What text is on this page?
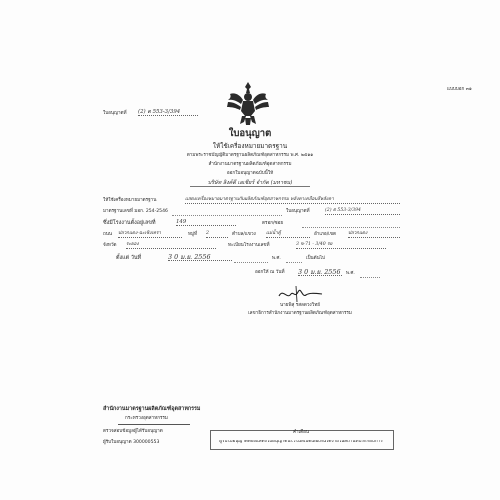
แบบบอก ๓๑
ใบอนุญาตที่ (2) ต 553-3/394
ใบอนุญาต
ให้ใช้เครื่องหมายมาตรฐาน
ตามพระราชบัญญัติมาตรฐานผลิตภัณฑ์อุตสาหกรรม พ.ศ. ๒๕๑๑
สำนักงานมาตรฐานผลิตภัณฑ์อุตสาหกรรม
ออกใบอนุญาตฉบับนี้ให้
บริษัท ลิงค์ดี เอเชียร์ จำกัด (มหาชน)
ให้ใช้เครื่องหมายมาตรฐาน	แสดงเครื่องหมายมาตรฐานกับผลิตภัณฑ์อุตสาหกรรม หลังคาเคลือบสีหลังคา
มาตรฐานเลขที่ มอก. 254-2546	ใบอนุญาตที่	(2) ต 553-3/394
ซึ่งมีโรงงานตั้งอยู่เลขที่	149	ตรอก/ซอย
ถนน ปลวกแดง-ฉะเชิงเทรา	หมู่ที่ 2	ตำบล/แขวง แม่น้ำคู้	อำเภอ/เขต	ปลวกแดง
จังหวัด ระยอง	ทะเบียนโรงงานเลขที่	3 ข-71 - 3/40 รย
ตั้งแต่ วันที่	3 0 ม.ย. 2556	พ.ศ.	เป็นต้นไป
ออกให้ ณ วันที่ 3 0 ม.ย. 2556	พ.ศ.
นายพิสุ รสลดวงวิทย์
เลขาธิการสำนักงานมาตรฐานผลิตภัณฑ์อุตสาหกรรม
สำนักงานมาตรฐานผลิตภัณฑ์อุตสาหกรรม
กระทรวงอุตสาหกรรม
ตรวจสอบข้อมูลผู้ได้รับอนุญาต
ผู้รับใบอนุญาต 300000553
คำเตือน
ผู้รับใบอนุญาตต้องแสดงใบอนุญาตนี้ไว้ในที่เปิดเผยเห็นได้ง่ายในสถานที่ประกอบการ
